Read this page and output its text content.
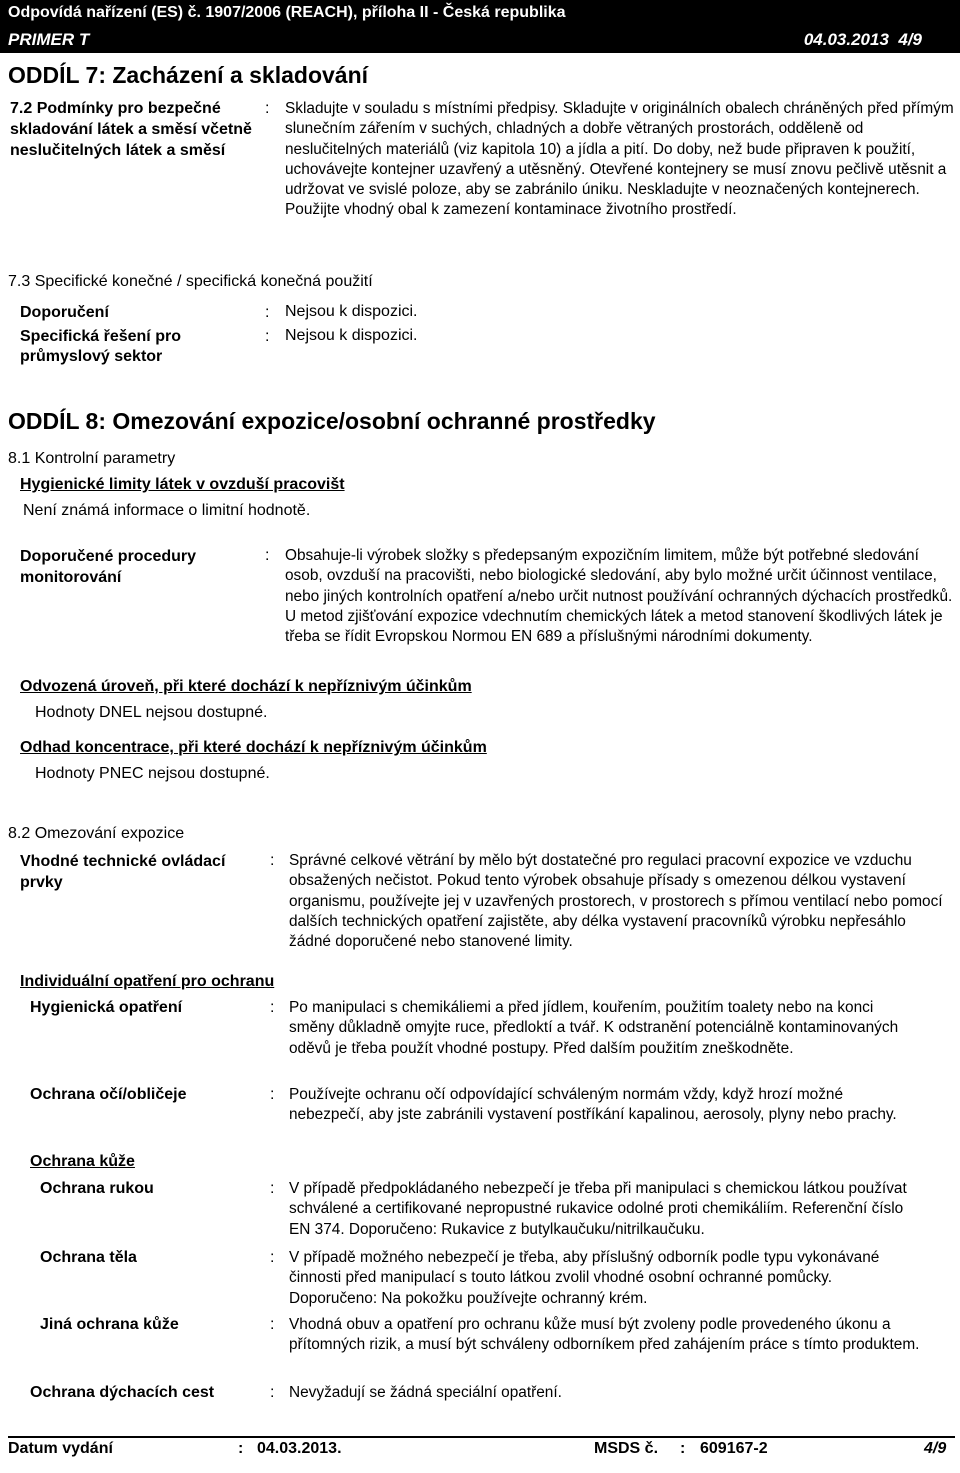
Odpovídá nařízení (ES) č. 1907/2006 (REACH), příloha II - Česká republika
PRIMER T	04.03.2013 4/9
ODDÍL 7: Zacházení a skladování
7.2 Podmínky pro bezpečné skladování látek a směsí včetně neslučitelných látek a směsí
: Skladujte v souladu s místními předpisy. Skladujte v originálních obalech chráněných před přímým slunečním zářením v suchých, chladných a dobře větraných prostorách, odděleně od neslučitelných materiálů (viz kapitola 10) a jídla a pití. Do doby, než bude připraven k použití, uchovávejte kontejner uzavřený a utěsněný. Otevřené kontejnery se musí znovu pečlivě utěsnit a udržovat ve svislé poloze, aby se zabránilo úniku. Neskladujte v neoznačených kontejnerech. Použijte vhodný obal k zamezení kontaminace životního prostředí.
7.3 Specifické konečné / specifická konečná použití
Doporučení	: Nejsou k dispozici.
Specifická řešení pro průmyslový sektor
: Nejsou k dispozici.
ODDÍL 8: Omezování expozice/osobní ochranné prostředky
8.1 Kontrolní parametry
Hygienické limity látek v ovzduší pracovišt
Není známá informace o limitní hodnotě.
Doporučené procedury monitorování
: Obsahuje-li výrobek složky s předepsaným expozičním limitem, může být potřebné sledování osob, ovzduší na pracovišti, nebo biologické sledování, aby bylo možné určit účinnost ventilace, nebo jiných kontrolních opatření a/nebo určit nutnost používání ochranných dýchacích prostředků. U metod zjišťování expozice vdechnutím chemických látek a metod stanovení škodlivých látek je třeba se řídit Evropskou Normou EN 689 a příslušnými národními dokumenty.
Odvozená úroveň, při které dochází k nepříznivým účinkům
Hodnoty DNEL nejsou dostupné.
Odhad koncentrace, při které dochází k nepříznivým účinkům
Hodnoty PNEC nejsou dostupné.
8.2 Omezování expozice
Vhodné technické ovládací prvky
: Správné celkové větrání by mělo být dostatečné pro regulaci pracovní expozice ve vzduchu obsažených nečistot. Pokud tento výrobek obsahuje přísady s omezenou délkou vystavení organismu, používejte jej v uzavřených prostorech, v prostorech s přímou ventilací nebo pomocí dalších technických opatření zajistěte, aby délka vystavení pracovníků výrobku nepřesáhlo žádné doporučené nebo stanovené limity.
Individuální opatření pro ochranu
Hygienická opatření	: Po manipulaci s chemikáliemi a před jídlem, kouřením, použitím toalety nebo na konci směny důkladně omyjte ruce, předloktí a tvář. K odstranění potenciálně kontaminovaných oděvů je třeba použít vhodné postupy. Před dalším použitím zneškodněte.
Ochrana očí/obličeje	: Používejte ochranu očí odpovídající schváleným normám vždy, když hrozí možné nebezpečí, aby jste zabránili vystavení postříkání kapalinou, aerosoly, plyny nebo prachy.
Ochrana kůže
Ochrana rukou	: V případě předpokládaného nebezpečí je třeba při manipulaci s chemickou látkou používat schválené a certifikované nepropustné rukavice odolné proti chemikáliím. Referenční číslo EN 374. Doporučeno: Rukavice z butylkaučuku/nitrilkaučuku.
Ochrana těla	: V případě možného nebezpečí je třeba, aby příslušný odborník podle typu vykonávané činnosti před manipulací s touto látkou zvolil vhodné osobní ochranné pomůcky. Doporučeno: Na pokožku používejte ochranný krém.
Jiná ochrana kůže	: Vhodná obuv a opatření pro ochranu kůže musí být zvoleny podle provedeného úkonu a přítomných rizik, a musí být schváleny odborníkem před zahájením práce s tímto produktem.
Ochrana dýchacích cest	: Nevyžadují se žádná speciální opatření.
Datum vydání	: 04.03.2013.	MSDS č. : 609167-2	4/9
